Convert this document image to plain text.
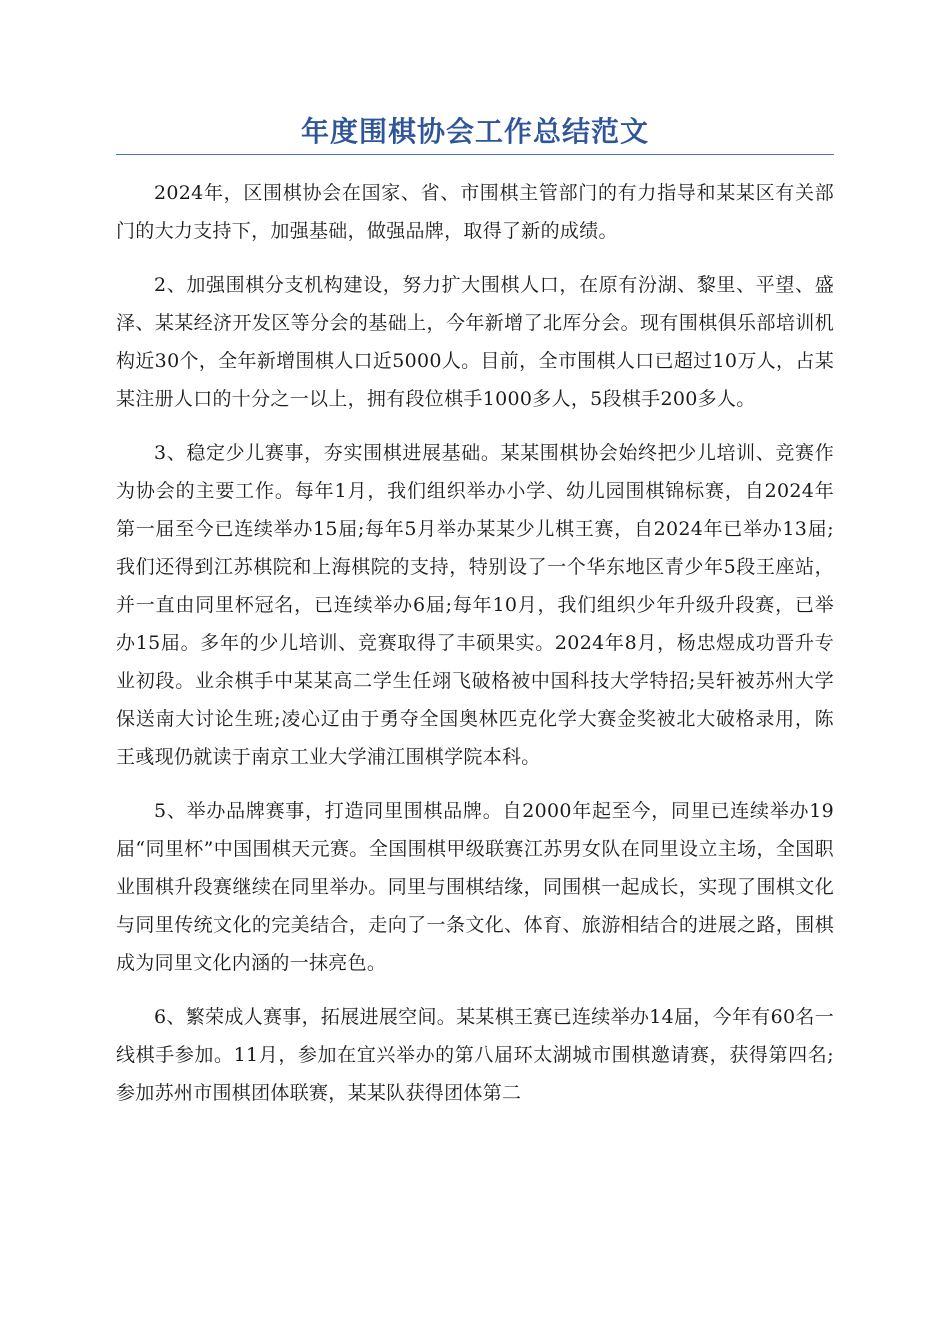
年度围棋协会工作总结范文

2024年，区围棋协会在国家、省、市围棋主管部门的有力指导和某某区有关部门的大力支持下，加强基础，做强品牌，取得了新的成绩。

2、加强围棋分支机构建设，努力扩大围棋人口，在原有汾湖、黎里、平望、盛泽、某某经济开发区等分会的基础上，今年新增了北厍分会。现有围棋俱乐部培训机构近30个，全年新增围棋人口近5000人。目前，全市围棋人口已超过10万人，占某某注册人口的十分之一以上，拥有段位棋手1000多人，5段棋手200多人。

3、稳定少儿赛事，夯实围棋进展基础。某某围棋协会始终把少儿培训、竞赛作为协会的主要工作。每年1月，我们组织举办小学、幼儿园围棋锦标赛，自2024年第一届至今已连续举办15届;每年5月举办某某少儿棋王赛，自2024年已举办13届;我们还得到江苏棋院和上海棋院的支持，特别设了一个华东地区青少年5段王座站，并一直由同里杯冠名，已连续举办6届;每年10月，我们组织少年升级升段赛，已举办15届。多年的少儿培训、竞赛取得了丰硕果实。2024年8月，杨忠煜成功晋升专业初段。业余棋手中某某高二学生任翊飞破格被中国科技大学特招;吴轩被苏州大学保送南大讨论生班;凌心辽由于勇夺全国奥林匹克化学大赛金奖被北大破格录用，陈王彧现仍就读于南京工业大学浦江围棋学院本科。

5、举办品牌赛事，打造同里围棋品牌。自2000年起至今，同里已连续举办19届“同里杯”中国围棋天元赛。全国围棋甲级联赛江苏男女队在同里设立主场，全国职业围棋升段赛继续在同里举办。同里与围棋结缘，同围棋一起成长，实现了围棋文化与同里传统文化的完美结合，走向了一条文化、体育、旅游相结合的进展之路，围棋成为同里文化内涵的一抹亮色。

6、繁荣成人赛事，拓展进展空间。某某棋王赛已连续举办14届，今年有60名一线棋手参加。11月，参加在宜兴举办的第八届环太湖城市围棋邀请赛，获得第四名;参加苏州市围棋团体联赛，某某队获得团体第二
